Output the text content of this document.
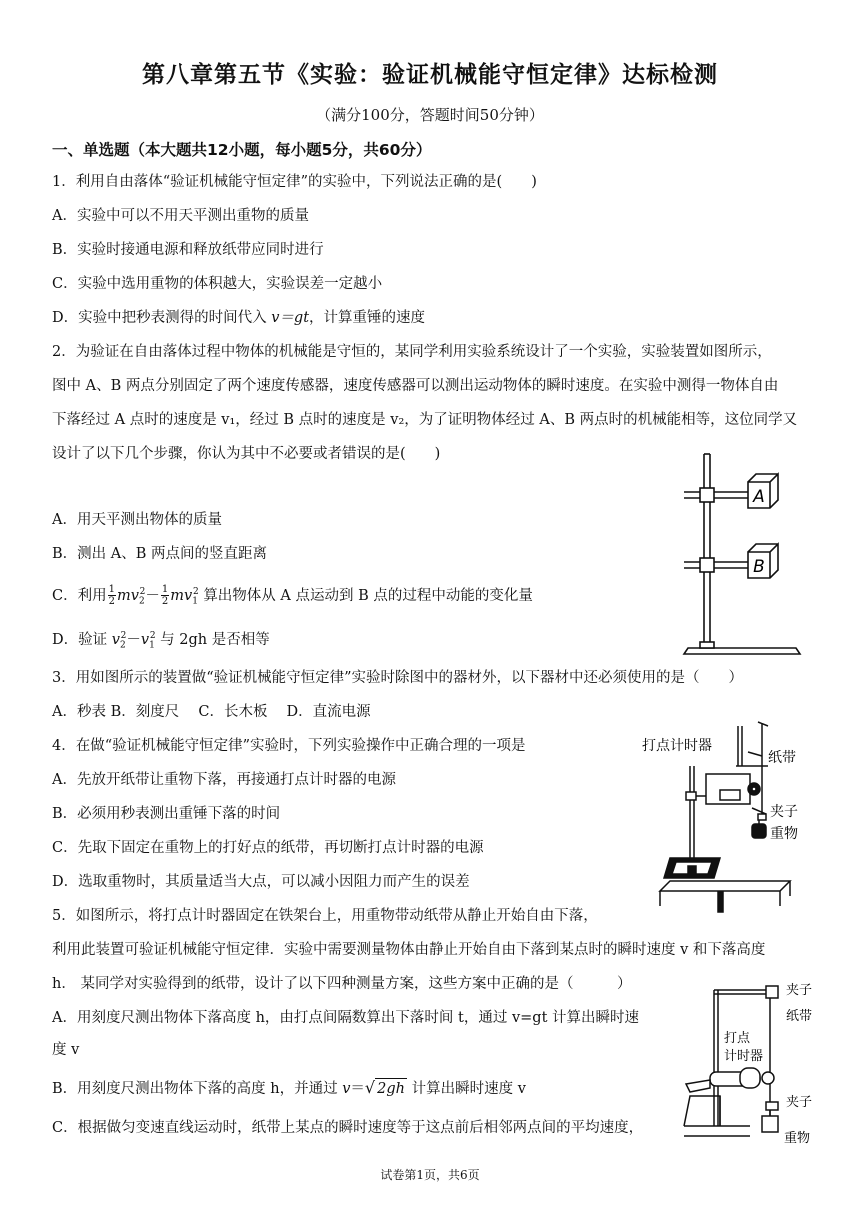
第八章第五节《实验：验证机械能守恒定律》达标检测
（满分100分，答题时间50分钟）
一、单选题（本大题共12小题，每小题5分，共60分）
1．利用自由落体“验证机械能守恒定律”的实验中，下列说法正确的是(　　)
A．实验中可以不用天平测出重物的质量
B．实验时接通电源和释放纸带应同时进行
C．实验中选用重物的体积越大，实验误差一定越小
D．实验中把秒表测得的时间代入 v＝gt，计算重锤的速度
2．为验证在自由落体过程中物体的机械能是守恒的，某同学利用实验系统设计了一个实验，实验装置如图所示，
图中 A、B 两点分别固定了两个速度传感器，速度传感器可以测出运动物体的瞬时速度。在实验中测得一物体自由
下落经过 A 点时的速度是 v₁，经过 B 点时的速度是 v₂，为了证明物体经过 A、B 两点时的机械能相等，这位同学又
设计了以下几个步骤，你认为其中不必要或者错误的是(　　)
A．用天平测出物体的质量
B．测出 A、B 两点间的竖直距离
C．利用 $\frac{1}{2} mv_2^2- \frac{1}{2} mv_1^2$ 算出物体从 A 点运动到 B 点的过程中动能的变化量
D．验证 $v_2^2-v_1^2$ 与 2gh 是否相等
A
B
3．用如图所示的装置做“验证机械能守恒定律”实验时除图中的器材外，以下器材中还必须使用的是（　　）
A．秒表 B．刻度尺　 C．长木板　 D．直流电源
4．在做“验证机械能守恒定律”实验时，下列实验操作中正确合理的一项是
A．先放开纸带让重物下落，再接通打点计时器的电源
B．必须用秒表测出重锤下落的时间
C．先取下固定在重物上的打好点的纸带，再切断打点计时器的电源
D．选取重物时，其质量适当大点，可以减小因阻力而产生的误差
打点计时器
纸带
夹子
重物
5．如图所示，将打点计时器固定在铁架台上，用重物带动纸带从静止开始自由下落，
利用此装置可验证机械能守恒定律．实验中需要测量物体由静止开始自由下落到某点时的瞬时速度 v 和下落高度
h． 某同学对实验得到的纸带，设计了以下四种测量方案，这些方案中正确的是（　　　）
A．用刻度尺测出物体下落高度 h，由打点间隔数算出下落时间 t，通过 v=gt 计算出瞬时速
度 v
B．用刻度尺测出物体下落的高度 h，并通过 v＝√ 2gh 计算出瞬时速度 v
C．根据做匀变速直线运动时，纸带上某点的瞬时速度等于这点前后相邻两点间的平均速度，
夹子
纸带
打点
计时器
夹子
重物
试卷第1页，共6页
